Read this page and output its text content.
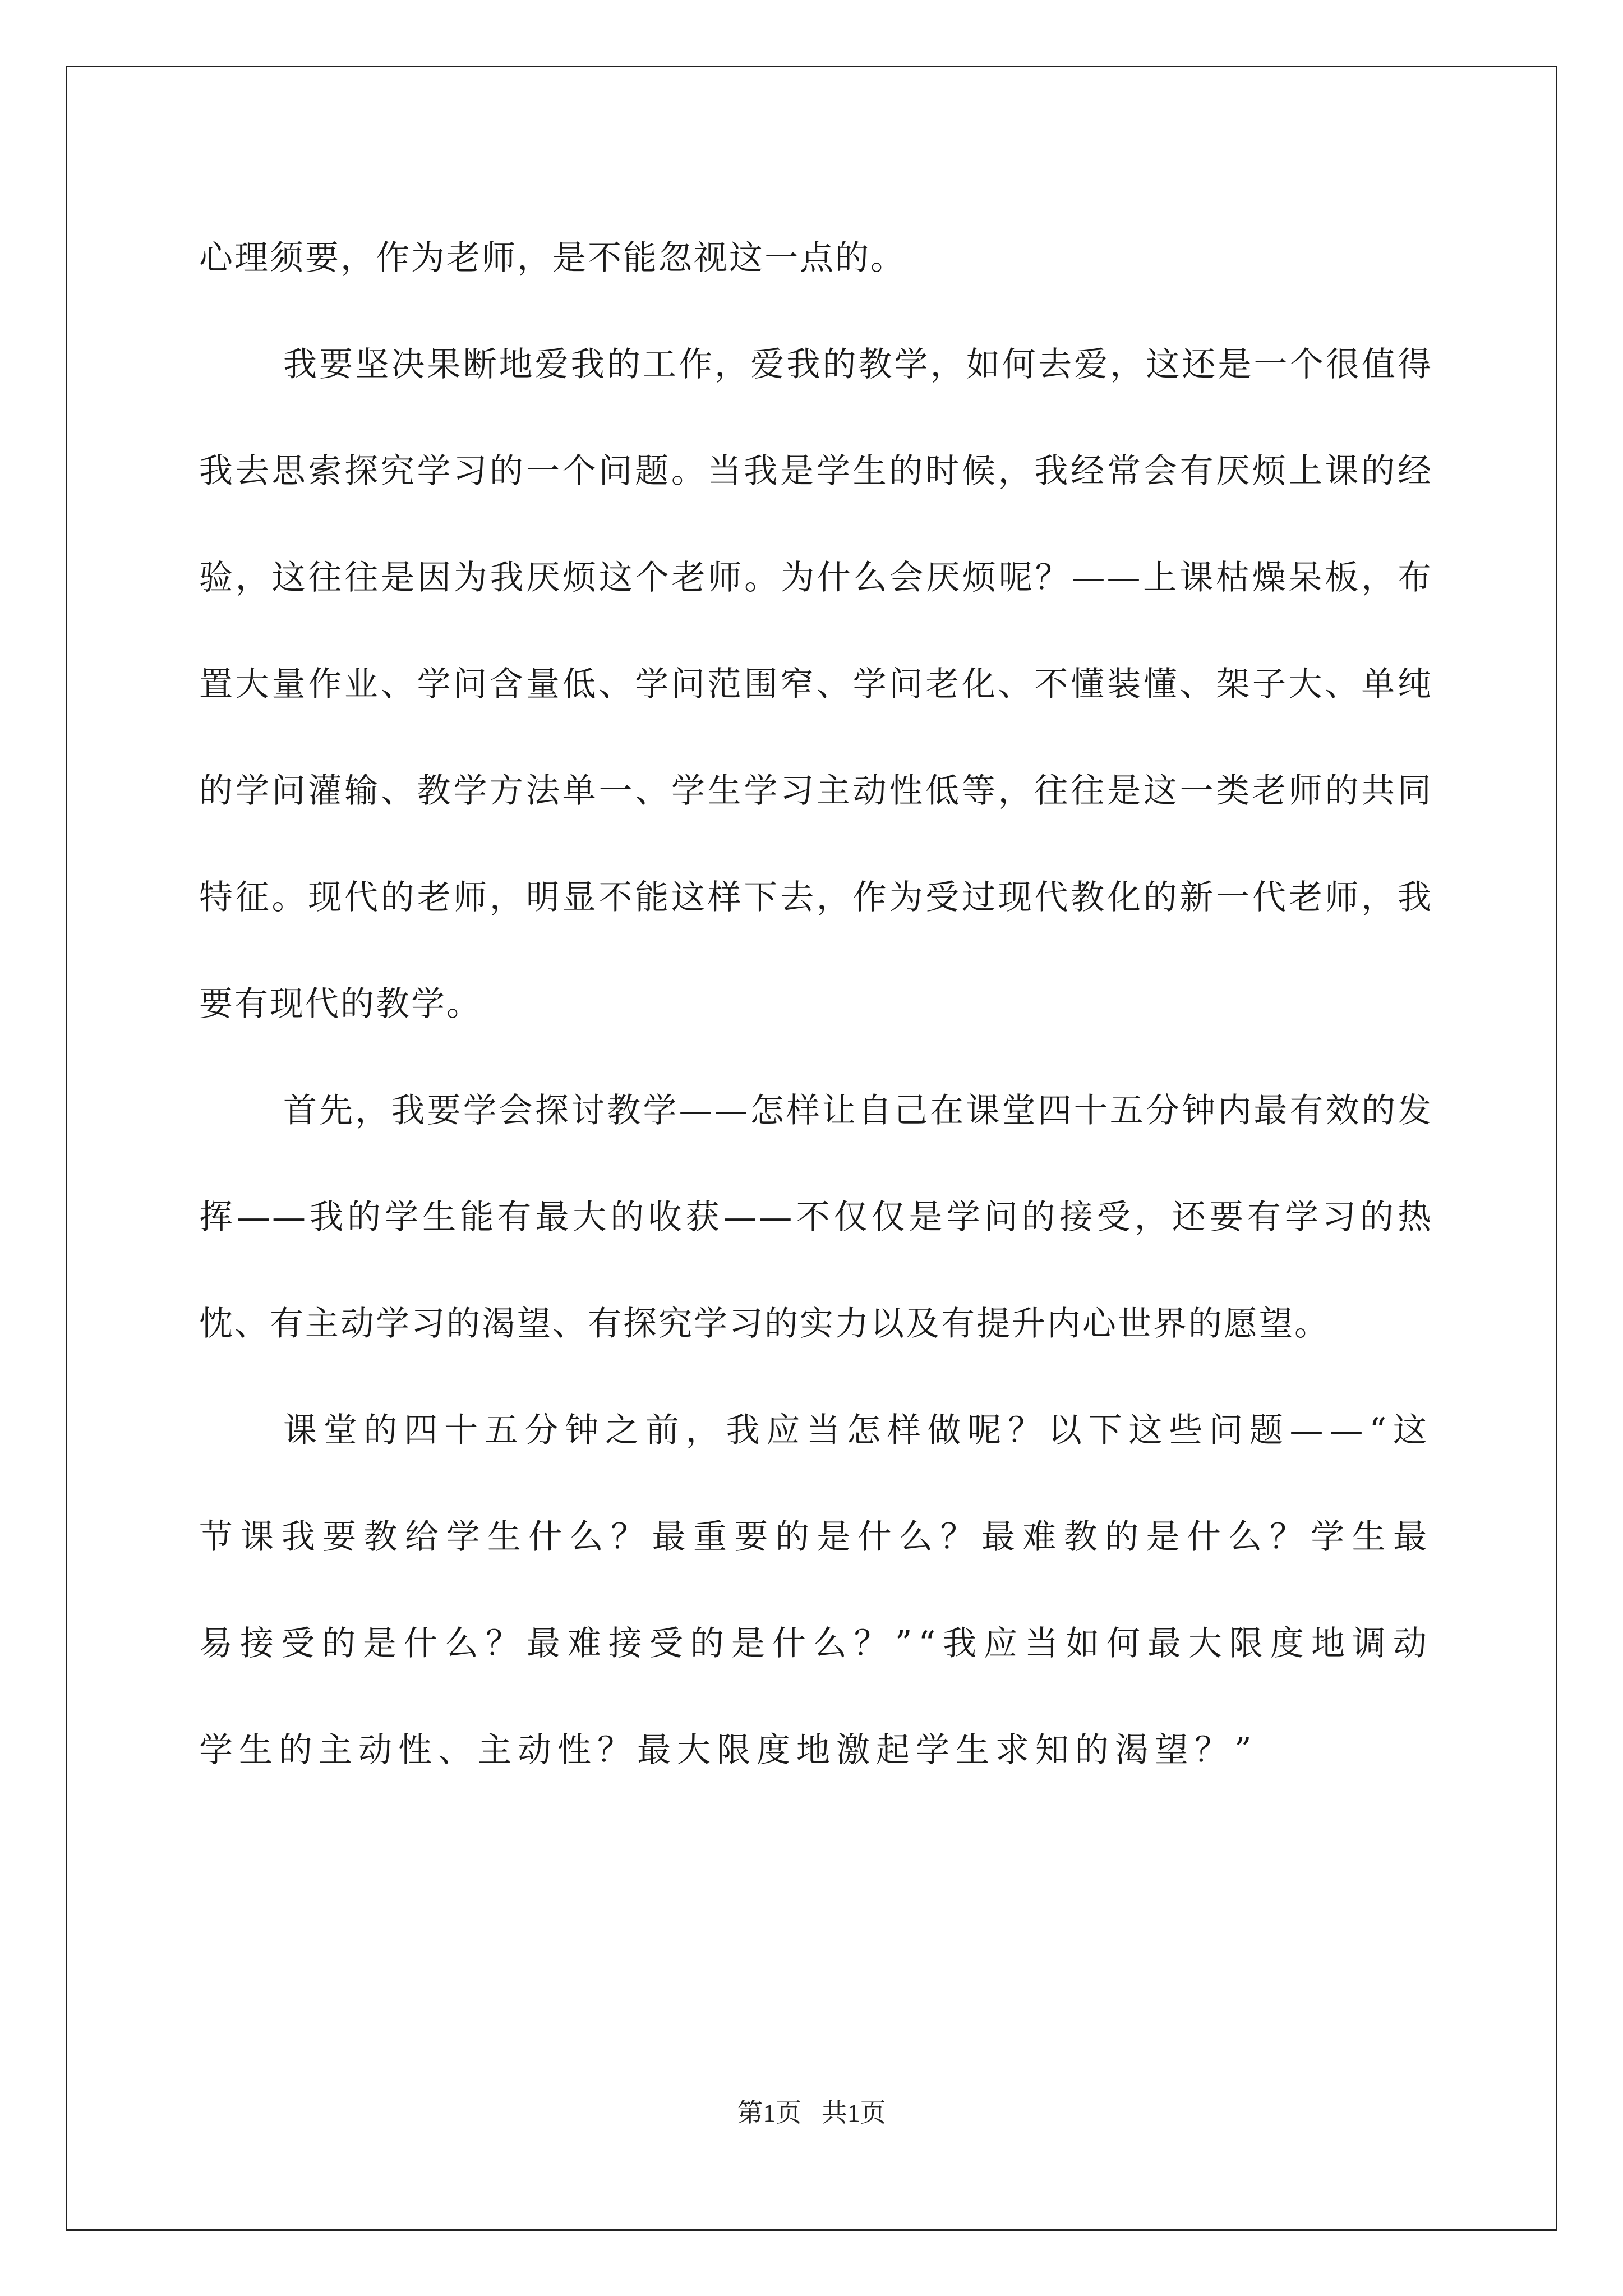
心理须要，作为老师，是不能忽视这一点的。

我要坚决果断地爱我的工作，爱我的教学，如何去爱，这还是一个很值得我去思索探究学习的一个问题。当我是学生的时候，我经常会有厌烦上课的经验，这往往是因为我厌烦这个老师。为什么会厌烦呢？——上课枯燥呆板，布置大量作业、学问含量低、学问范围窄、学问老化、不懂装懂、架子大、单纯的学问灌输、教学方法单一、学生学习主动性低等，往往是这一类老师的共同特征。现代的老师，明显不能这样下去，作为受过现代教化的新一代老师，我要有现代的教学。

首先，我要学会探讨教学——怎样让自己在课堂四十五分钟内最有效的发挥——我的学生能有最大的收获——不仅仅是学问的接受，还要有学习的热忱、有主动学习的渴望、有探究学习的实力以及有提升内心世界的愿望。

课堂的四十五分钟之前，我应当怎样做呢？以下这些问题——“这节课我要教给学生什么？最重要的是什么？最难教的是什么？学生最易接受的是什么？最难接受的是什么？”“我应当如何最大限度地调动学生的主动性、主动性？最大限度地激起学生求知的渴望？”

第1页 共1页
